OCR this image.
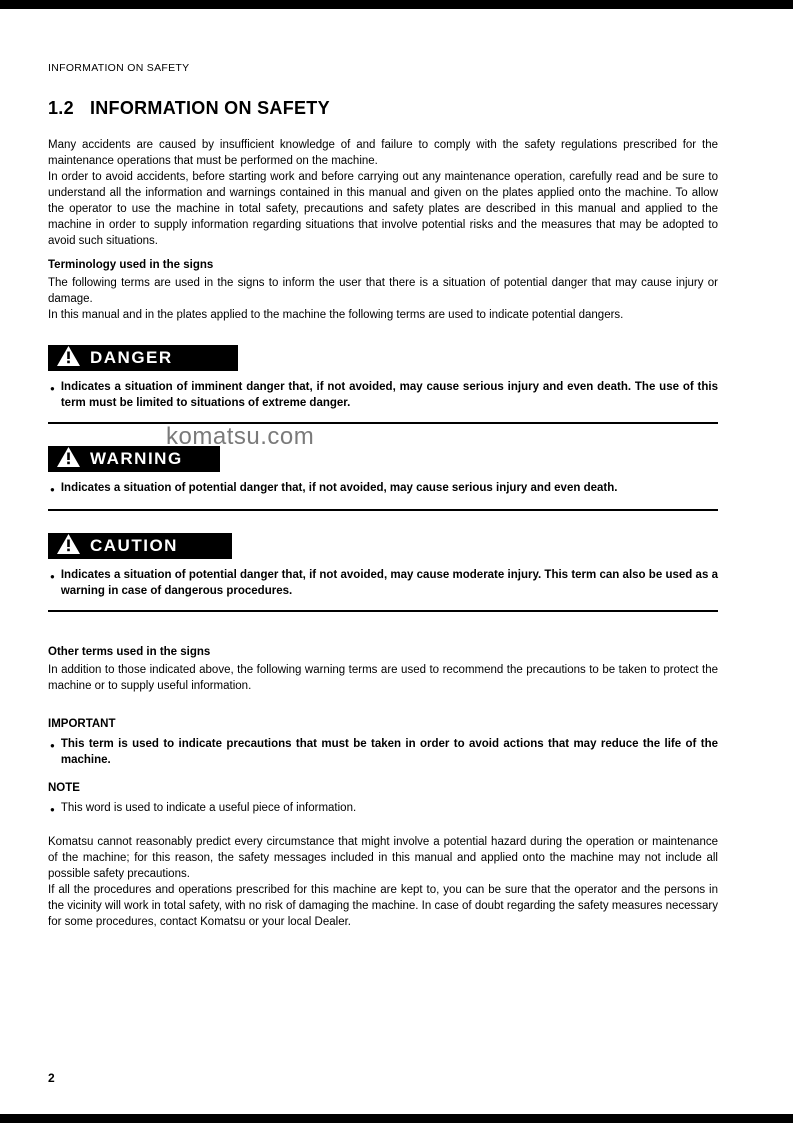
komatsu.com
INFORMATION ON SAFETY
1.2 INFORMATION ON SAFETY

Many accidents are caused by insufficient knowledge of and failure to comply with the safety regulations prescribed for the maintenance operations that must be performed on the machine.

In order to avoid accidents, before starting work and before carrying out any maintenance operation, carefully read and be sure to understand all the information and warnings contained in this manual and given on the plates applied onto the machine. To allow the operator to use the machine in total safety, precautions and safety plates are described in this manual and applied to the machine in order to supply information regarding situations that involve potential risks and the measures that may be adopted to avoid such situations.

Terminology used in the signs

The following terms are used in the signs to inform the user that there is a situation of potential danger that may cause injury or damage.

In this manual and in the plates applied to the machine the following terms are used to indicate potential dangers.

DANGER
● Indicates a situation of imminent danger that, if not avoided, may cause serious injury and even death. The use of this term must be limited to situations of extreme danger.

WARNING
● Indicates a situation of potential danger that, if not avoided, may cause serious injury and even death.

CAUTION
● Indicates a situation of potential danger that, if not avoided, may cause moderate injury. This term can also be used as a warning in case of dangerous procedures.

Other terms used in the signs

In addition to those indicated above, the following warning terms are used to recommend the precautions to be taken to protect the machine or to supply useful information.

IMPORTANT
● This term is used to indicate precautions that must be taken in order to avoid actions that may reduce the life of the machine.

NOTE
● This word is used to indicate a useful piece of information.

Komatsu cannot reasonably predict every circumstance that might involve a potential hazard during the operation or maintenance of the machine; for this reason, the safety messages included in this manual and applied onto the machine may not include all possible safety precautions.

If all the procedures and operations prescribed for this machine are kept to, you can be sure that the operator and the persons in the vicinity will work in total safety, with no risk of damaging the machine. In case of doubt regarding the safety measures necessary for some procedures, contact Komatsu or your local Dealer.

2
